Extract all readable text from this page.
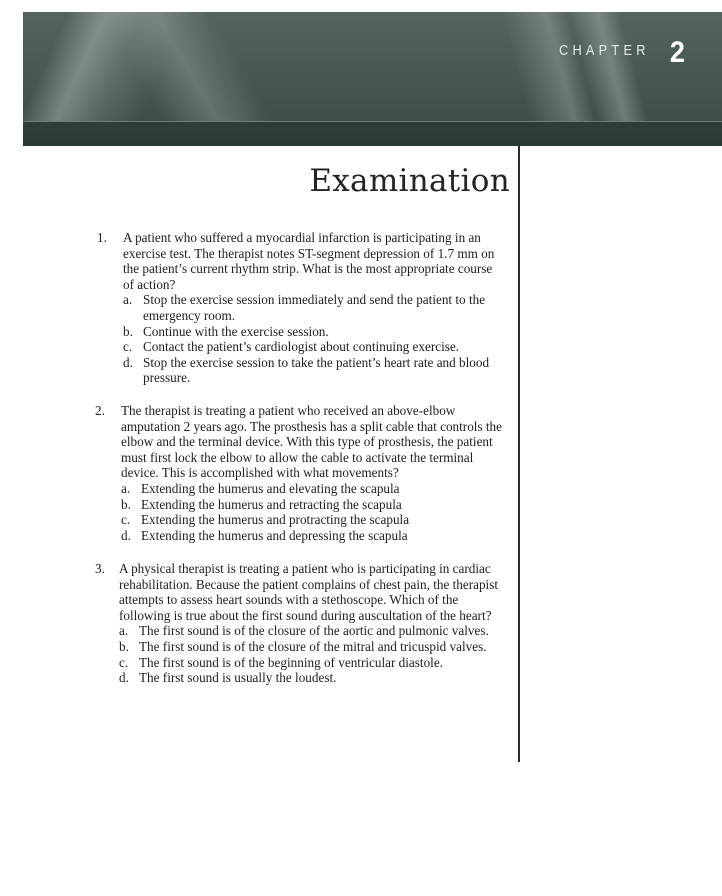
CHAPTER 2
Examination
1. A patient who suffered a myocardial infarction is participating in an exercise test. The therapist notes ST-segment depression of 1.7 mm on the patient’s current rhythm strip. What is the most appropriate course of action?
a. Stop the exercise session immediately and send the patient to the emergency room.
b. Continue with the exercise session.
c. Contact the patient’s cardiologist about continuing exercise.
d. Stop the exercise session to take the patient’s heart rate and blood pressure.
2. The therapist is treating a patient who received an above-elbow amputation 2 years ago. The prosthesis has a split cable that controls the elbow and the terminal device. With this type of prosthesis, the patient must first lock the elbow to allow the cable to activate the terminal device. This is accomplished with what movements?
a. Extending the humerus and elevating the scapula
b. Extending the humerus and retracting the scapula
c. Extending the humerus and protracting the scapula
d. Extending the humerus and depressing the scapula
3. A physical therapist is treating a patient who is participating in cardiac rehabilitation. Because the patient complains of chest pain, the therapist attempts to assess heart sounds with a stethoscope. Which of the following is true about the first sound during auscultation of the heart?
a. The first sound is of the closure of the aortic and pulmonic valves.
b. The first sound is of the closure of the mitral and tricuspid valves.
c. The first sound is of the beginning of ventricular diastole.
d. The first sound is usually the loudest.
